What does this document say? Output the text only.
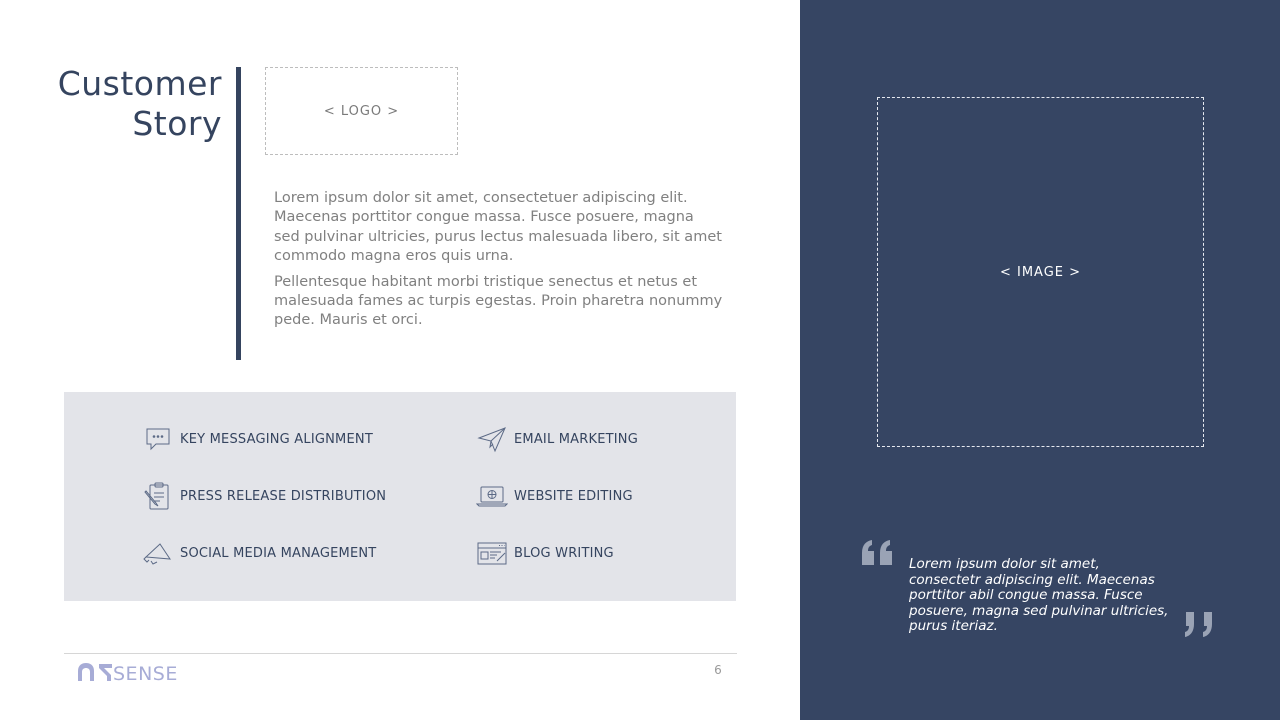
Customer
Story	< LOGO >

Lorem ipsum dolor sit amet, consectetuer adipiscing elit. Maecenas porttitor congue massa. Fusce posuere, magna sed pulvinar ultricies, purus lectus malesuada libero, sit amet commodo magna eros quis urna.

Pellentesque habitant morbi tristique senectus et netus et malesuada fames ac turpis egestas. Proin pharetra nonummy pede. Mauris et orci.

KEY MESSAGING ALIGNMENT	EMAIL MARKETING
PRESS RELEASE DISTRIBUTION	WEBSITE EDITING
SOCIAL MEDIA MANAGEMENT	BLOG WRITING
SENSE	6
< IMAGE >
Lorem ipsum dolor sit amet, consectetr adipiscing elit. Maecenas porttitor abil congue massa. Fusce posuere, magna sed pulvinar ultricies, purus iteriaz.
